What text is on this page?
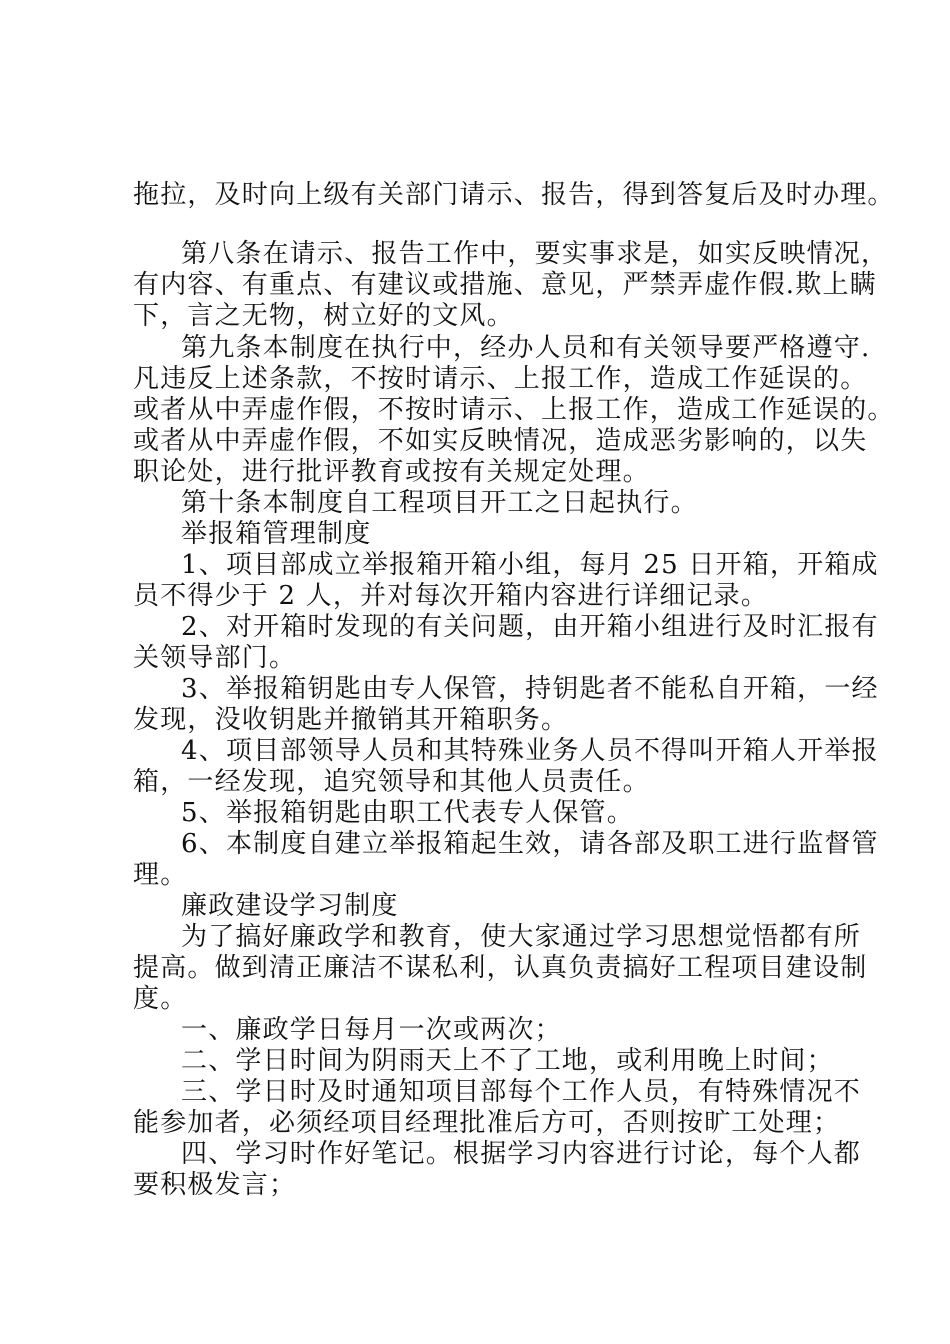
拖拉，及时向上级有关部门请示、报告，得到答复后及时办理。
第八条在请示、报告工作中，要实事求是，如实反映情况，
有内容、有重点、有建议或措施、意见，严禁弄虚作假.欺上瞒
下，言之无物，树立好的文风。
第九条本制度在执行中，经办人员和有关领导要严格遵守.
凡违反上述条款，不按时请示、上报工作，造成工作延误的。
或者从中弄虚作假，不按时请示、上报工作，造成工作延误的。
或者从中弄虚作假，不如实反映情况，造成恶劣影响的，以失
职论处，进行批评教育或按有关规定处理。
第十条本制度自工程项目开工之日起执行。
举报箱管理制度
1、项目部成立举报箱开箱小组，每月 25 日开箱，开箱成
员不得少于 2 人，并对每次开箱内容进行详细记录。
2、对开箱时发现的有关问题，由开箱小组进行及时汇报有
关领导部门。
3、举报箱钥匙由专人保管，持钥匙者不能私自开箱，一经
发现，没收钥匙并撤销其开箱职务。
4、项目部领导人员和其特殊业务人员不得叫开箱人开举报
箱，一经发现，追究领导和其他人员责任。
5、举报箱钥匙由职工代表专人保管。
6、本制度自建立举报箱起生效，请各部及职工进行监督管
理。
廉政建设学习制度
为了搞好廉政学和教育，使大家通过学习思想觉悟都有所
提高。做到清正廉洁不谋私利，认真负责搞好工程项目建设制
度。
一、廉政学日每月一次或两次；
二、学日时间为阴雨天上不了工地，或利用晚上时间；
三、学日时及时通知项目部每个工作人员，有特殊情况不
能参加者，必须经项目经理批准后方可，否则按旷工处理；
四、学习时作好笔记。根据学习内容进行讨论，每个人都
要积极发言；
